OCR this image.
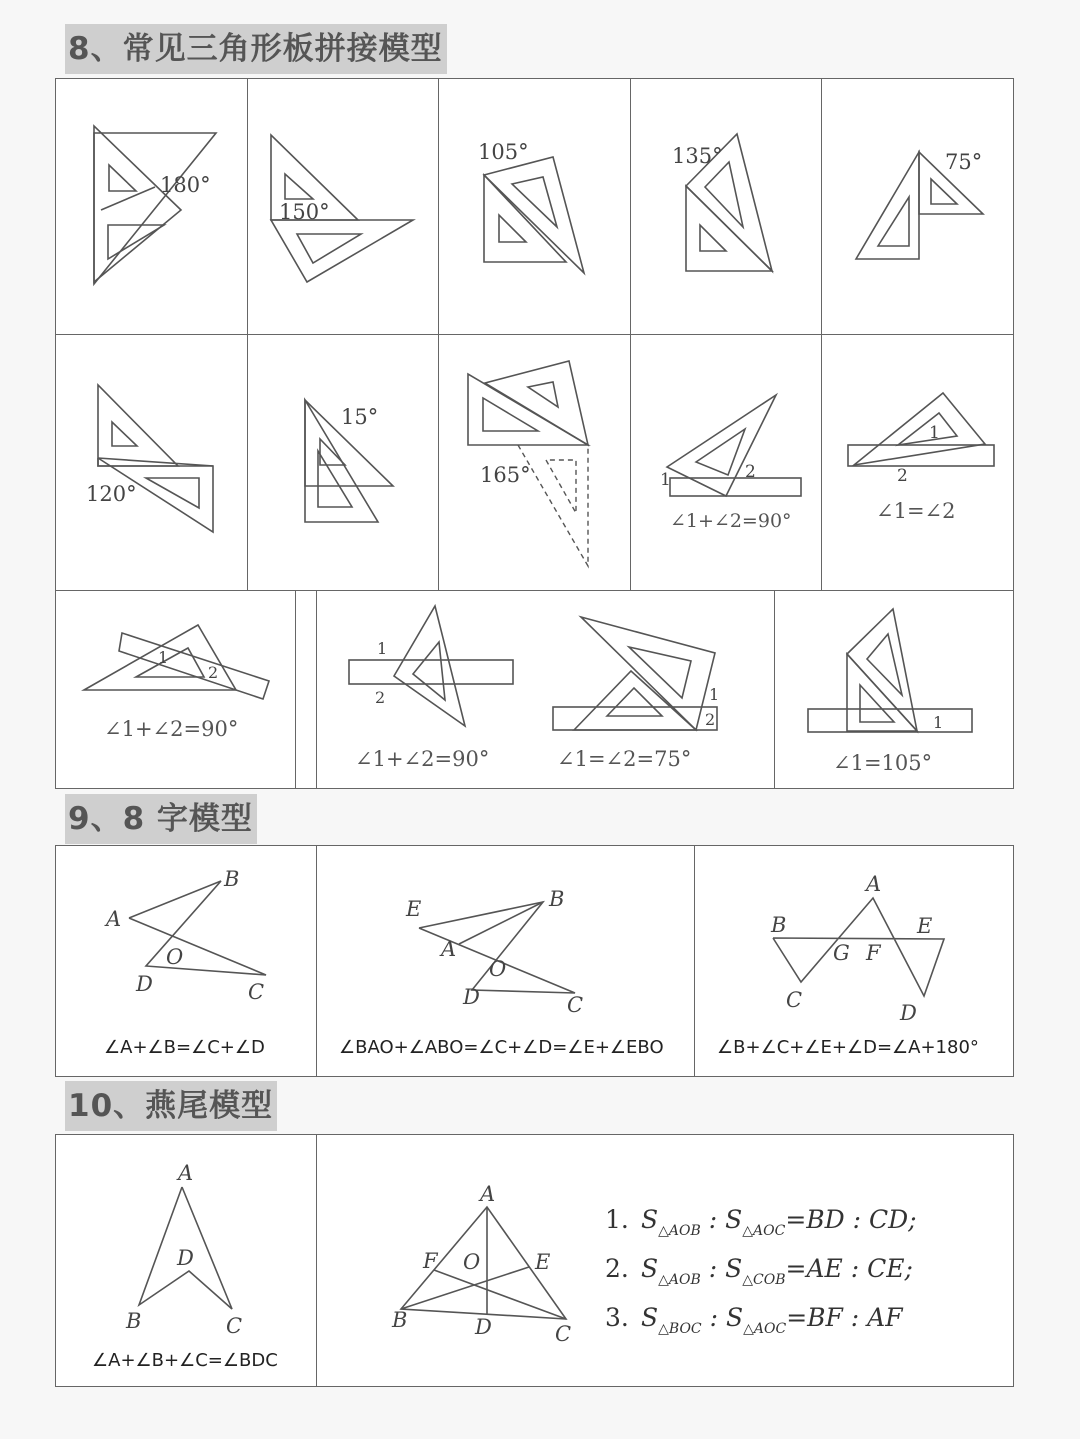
8、常见三角形板拼接模型
180°
150°
105°	135°	75°
120°
15°
165°	1	2
∠1+∠2=90°
1
2
∠1=∠2
1
2
∠1+∠2=90°
1
2
∠1+∠2=90°
1
2
∠1=∠2=75°
1
∠1=105°
9、8 字模型
B
A
O
D	C
∠A+∠B=∠C+∠D
E	B
A
O
D	C
∠BAO+∠ABO=∠C+∠D=∠E+∠EBO
A
B	E
G F
C
D
∠B+∠C+∠E+∠D=∠A+180°
10、燕尾模型
A
D
B	C
∠A+∠B+∠C=∠BDC
A
F O	E
B	D	C
1. $S_{\triangle AOB}$ : $S_{\triangle AOC}=BD$ : CD;
2. $S_{\triangle AOB}$ : $S_{\triangle COB}=AE$ : CE;
3. $S_{\triangle BOC}$ : $S_{\triangle AOC}=BF$ : AF
